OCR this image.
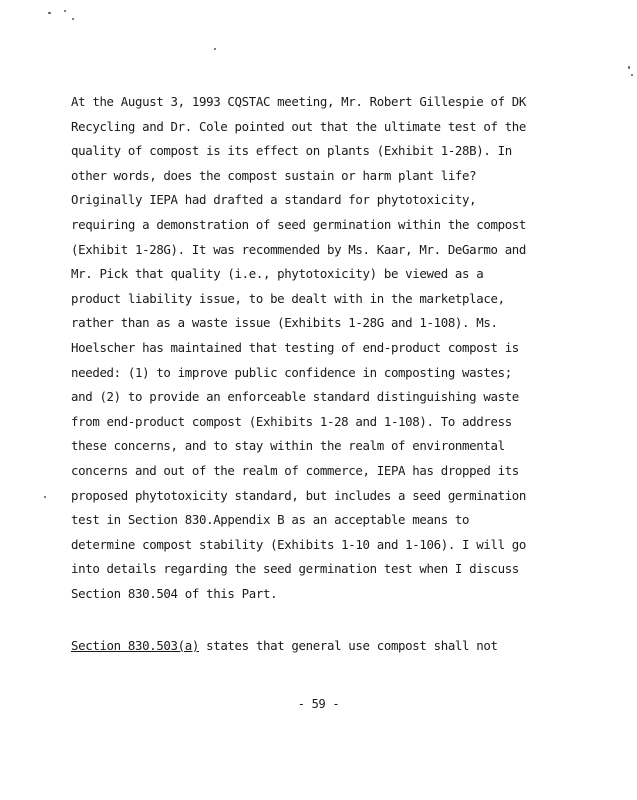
At the August 3, 1993 CQSTAC meeting, Mr. Robert Gillespie of DK
Recycling and Dr. Cole pointed out that the ultimate test of the
quality of compost is its effect on plants (Exhibit 1-28B). In
other words, does the compost sustain or harm plant life?
Originally IEPA had drafted a standard for phytotoxicity,
requiring a demonstration of seed germination within the compost
(Exhibit 1-28G). It was recommended by Ms. Kaar, Mr. DeGarmo and
Mr. Pick that quality (i.e., phytotoxicity) be viewed as a
product liability issue, to be dealt with in the marketplace,
rather than as a waste issue (Exhibits 1-28G and 1-108). Ms.
Hoelscher has maintained that testing of end-product compost is
needed: (1) to improve public confidence in composting wastes;
and (2) to provide an enforceable standard distinguishing waste
from end-product compost (Exhibits 1-28 and 1-108). To address
these concerns, and to stay within the realm of environmental
concerns and out of the realm of commerce, IEPA has dropped its
proposed phytotoxicity standard, but includes a seed germination
test in Section 830.Appendix B as an acceptable means to
determine compost stability (Exhibits 1-10 and 1-106). I will go
into details regarding the seed germination test when I discuss
Section 830.504 of this Part.
Section 830.503(a) states that general use compost shall not
- 59 -
